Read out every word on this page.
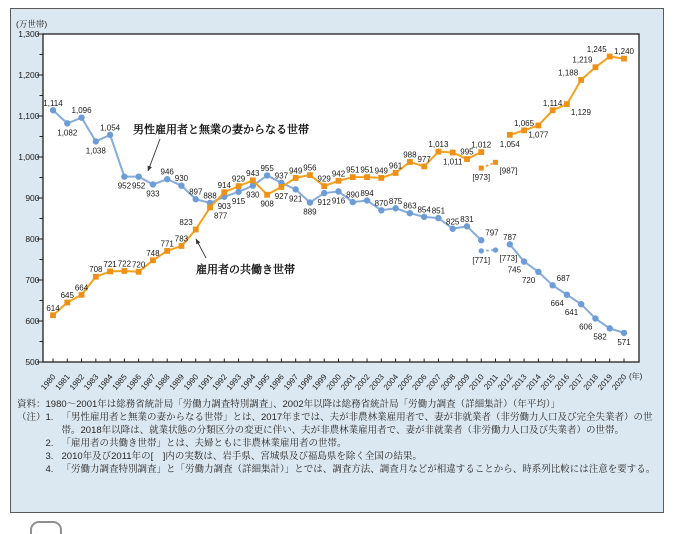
資料：1980～2001年は総務省統計局「労働力調査特別調査」、2002年以降は総務省統計局「労働力調査（詳細集計）（年平均）」
（注） 1. 「男性雇用者と無業の妻からなる世帯」とは、2017年までは、夫が非農林業雇用者で、妻が非就業者（非労働力人口及び完全失業者）の世帯。2018年以降は、就業状態の分類区分の変更に伴い、夫が非農林業雇用者で、妻が非就業者（非労働力人口及び失業者）の世帯。
2. 「雇用者の共働き世帯」とは、夫婦ともに非農林業雇用者の世帯。
3. 2010年及び2011年の[　]内の実数は、岩手県、宮城県及び福島県を除く全国の結果。
4. 「労働力調査特別調査」と「労働力調査（詳細集計）」とでは、調査方法、調査月などが相違することから、時系列比較には注意を要する。
500
600
700
800
900
1,000
1,100
1,200
1,300
(万世帯)
1980
1981
1982
1983
1984
1985
1986
1987
1988
1989
1990
1991
1992
1993
1994
1995
1996
1997
1998
1999
2000
2001
2002
2003
2004
2005
2006
2007
2008
2009
2010
2011
2012
2013
2014
2015
2016
2017
2018
2019
2020 (年)
1,114
1,082
1,096
1,038
1,054
952 952
933
946
930
897 888
903
915
930
955
937
921
889
912 916
890 894
870 875
863 854 851
825 831
797 787
745
720	687
664
641
606
582
571
[771] [773]
614
645
664
708
721 722 720
748
771
783
823
877
914
929
943
908
927
949 956
929
942 951 951 949
961
988
977
1,013
1,011
995
1,012 1,054
1,065
1,077
1,114
1,129
1,188
1,219
1,245 1,240
[973]
[987]
男性雇用者と無業の妻からなる世帯
雇用者の共働き世帯
